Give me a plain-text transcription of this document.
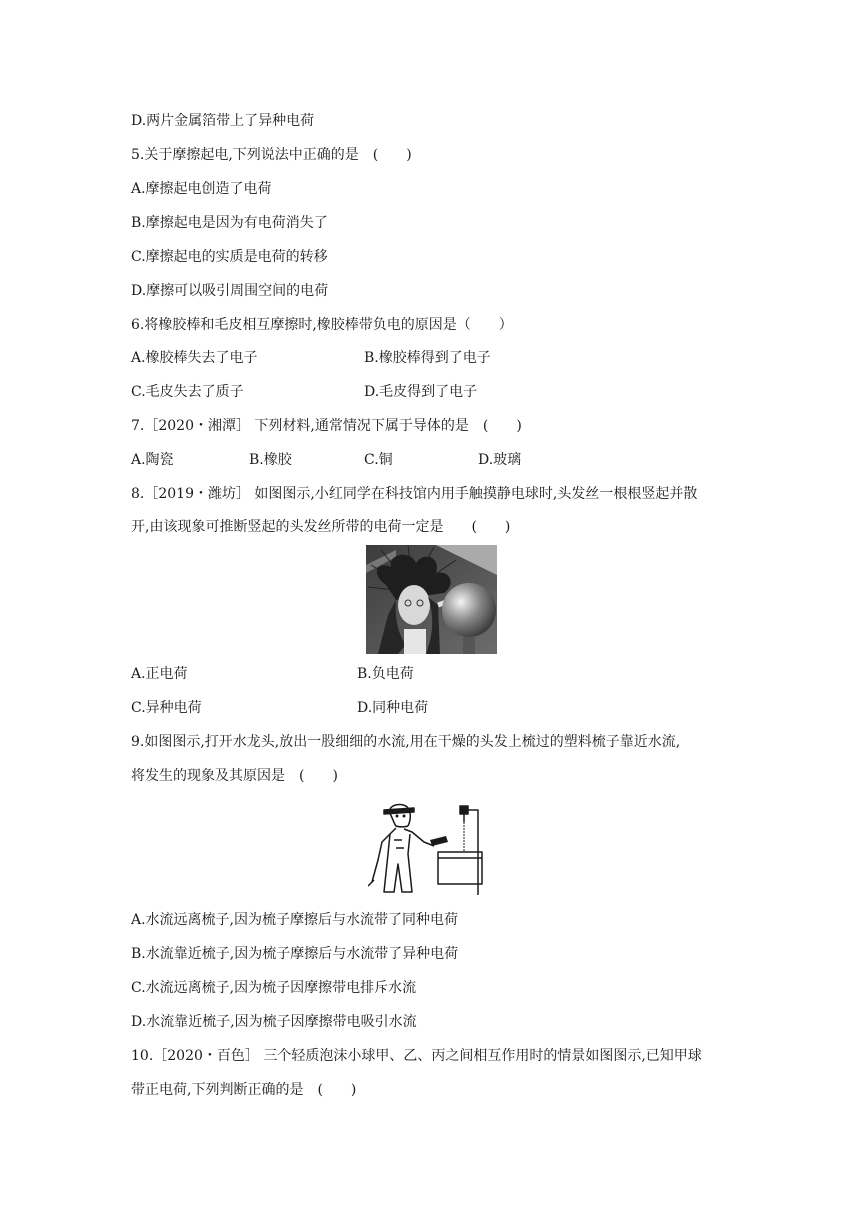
D.两片金属箔带上了异种电荷
5.关于摩擦起电,下列说法中正确的是　(　　)
A.摩擦起电创造了电荷
B.摩擦起电是因为有电荷消失了
C.摩擦起电的实质是电荷的转移
D.摩擦可以吸引周围空间的电荷
6.将橡胶棒和毛皮相互摩擦时,橡胶棒带负电的原因是（　　）
A.橡胶棒失去了电子	B.橡胶棒得到了电子
C.毛皮失去了质子	D.毛皮得到了电子
7.［2020・湘潭］ 下列材料,通常情况下属于导体的是　(　　)
A.陶瓷	B.橡胶	C.铜	D.玻璃
8.［2019・潍坊］ 如图图示,小红同学在科技馆内用手触摸静电球时,头发丝一根根竖起并散
开,由该现象可推断竖起的头发丝所带的电荷一定是　　(　　)
A.正电荷	B.负电荷
C.异种电荷	D.同种电荷
9.如图图示,打开水龙头,放出一股细细的水流,用在干燥的头发上梳过的塑料梳子靠近水流,
将发生的现象及其原因是　(　　)
A.水流远离梳子,因为梳子摩擦后与水流带了同种电荷
B.水流靠近梳子,因为梳子摩擦后与水流带了异种电荷
C.水流远离梳子,因为梳子因摩擦带电排斥水流
D.水流靠近梳子,因为梳子因摩擦带电吸引水流
10.［2020・百色］ 三个轻质泡沫小球甲、乙、丙之间相互作用时的情景如图图示,已知甲球
带正电荷,下列判断正确的是　(　　)
